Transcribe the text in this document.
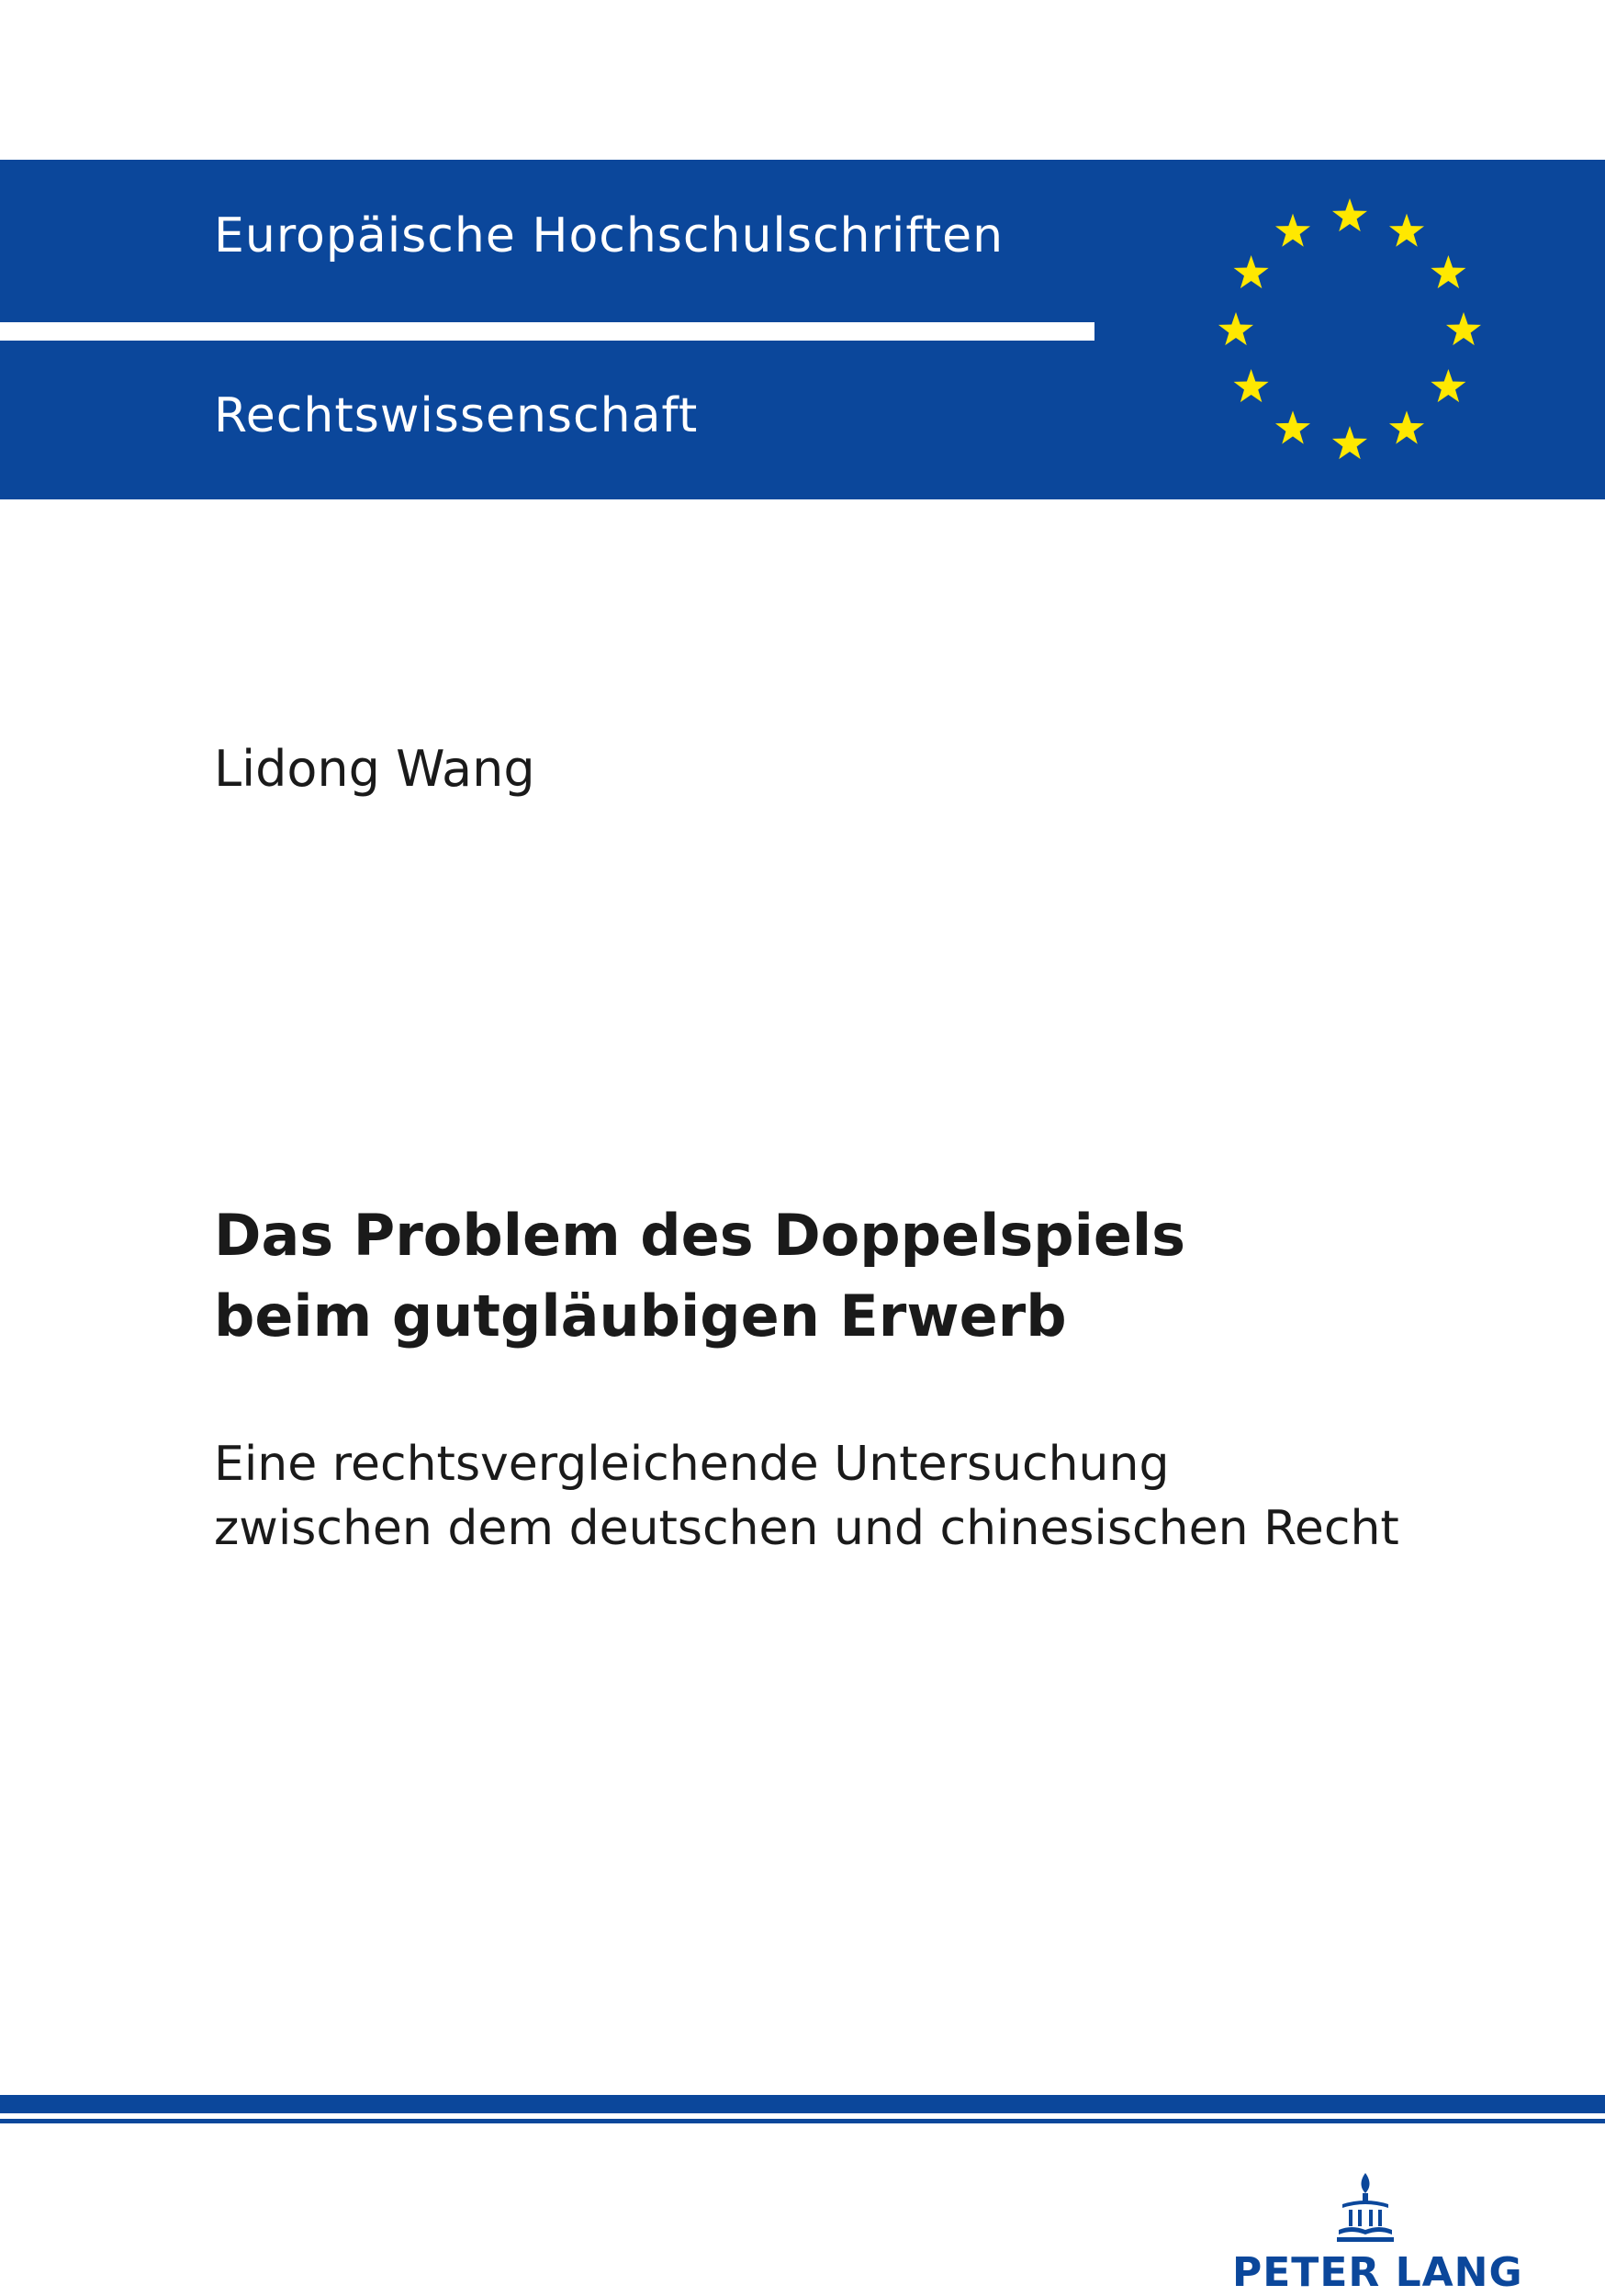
Europäische Hochschulschriften
Rechtswissenschaft
Lidong Wang
Das Problem des Doppelspiels
beim gutgläubigen Erwerb
Eine rechtsvergleichende Untersuchung
zwischen dem deutschen und chinesischen Recht
PETER LANG
